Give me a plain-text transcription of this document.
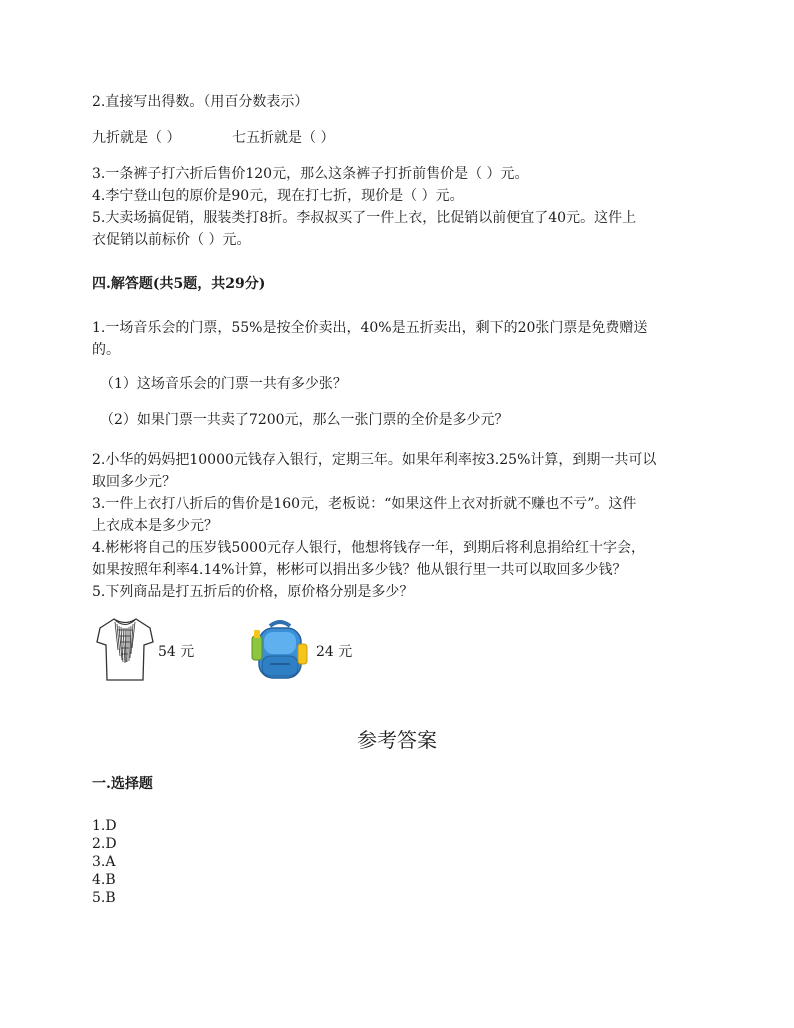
2.直接写出得数。（用百分数表示）
九折就是（ ）	七五折就是（ ）
3.一条裤子打六折后售价120元，那么这条裤子打折前售价是（ ）元。
4.李宁登山包的原价是90元，现在打七折，现价是（ ）元。
5.大卖场搞促销，服装类打8折。李叔叔买了一件上衣，比促销以前便宜了40元。这件上
衣促销以前标价（ ）元。
四.解答题(共5题，共29分)
1.一场音乐会的门票，55%是按全价卖出，40%是五折卖出，剩下的20张门票是免费赠送
的。
（1）这场音乐会的门票一共有多少张？
（2）如果门票一共卖了7200元，那么一张门票的全价是多少元？
2.小华的妈妈把10000元钱存入银行，定期三年。如果年利率按3.25%计算，到期一共可以
取回多少元？
3.一件上衣打八折后的售价是160元，老板说：“如果这件上衣对折就不赚也不亏”。这件
上衣成本是多少元？
4.彬彬将自己的压岁钱5000元存人银行，他想将钱存一年，到期后将利息捐给红十字会，
如果按照年利率4.14%计算，彬彬可以捐出多少钱？他从银行里一共可以取回多少钱？
5.下列商品是打五折后的价格，原价格分别是多少？
54 元	24 元
参考答案
一.选择题
1.D
2.D
3.A
4.B
5.B
